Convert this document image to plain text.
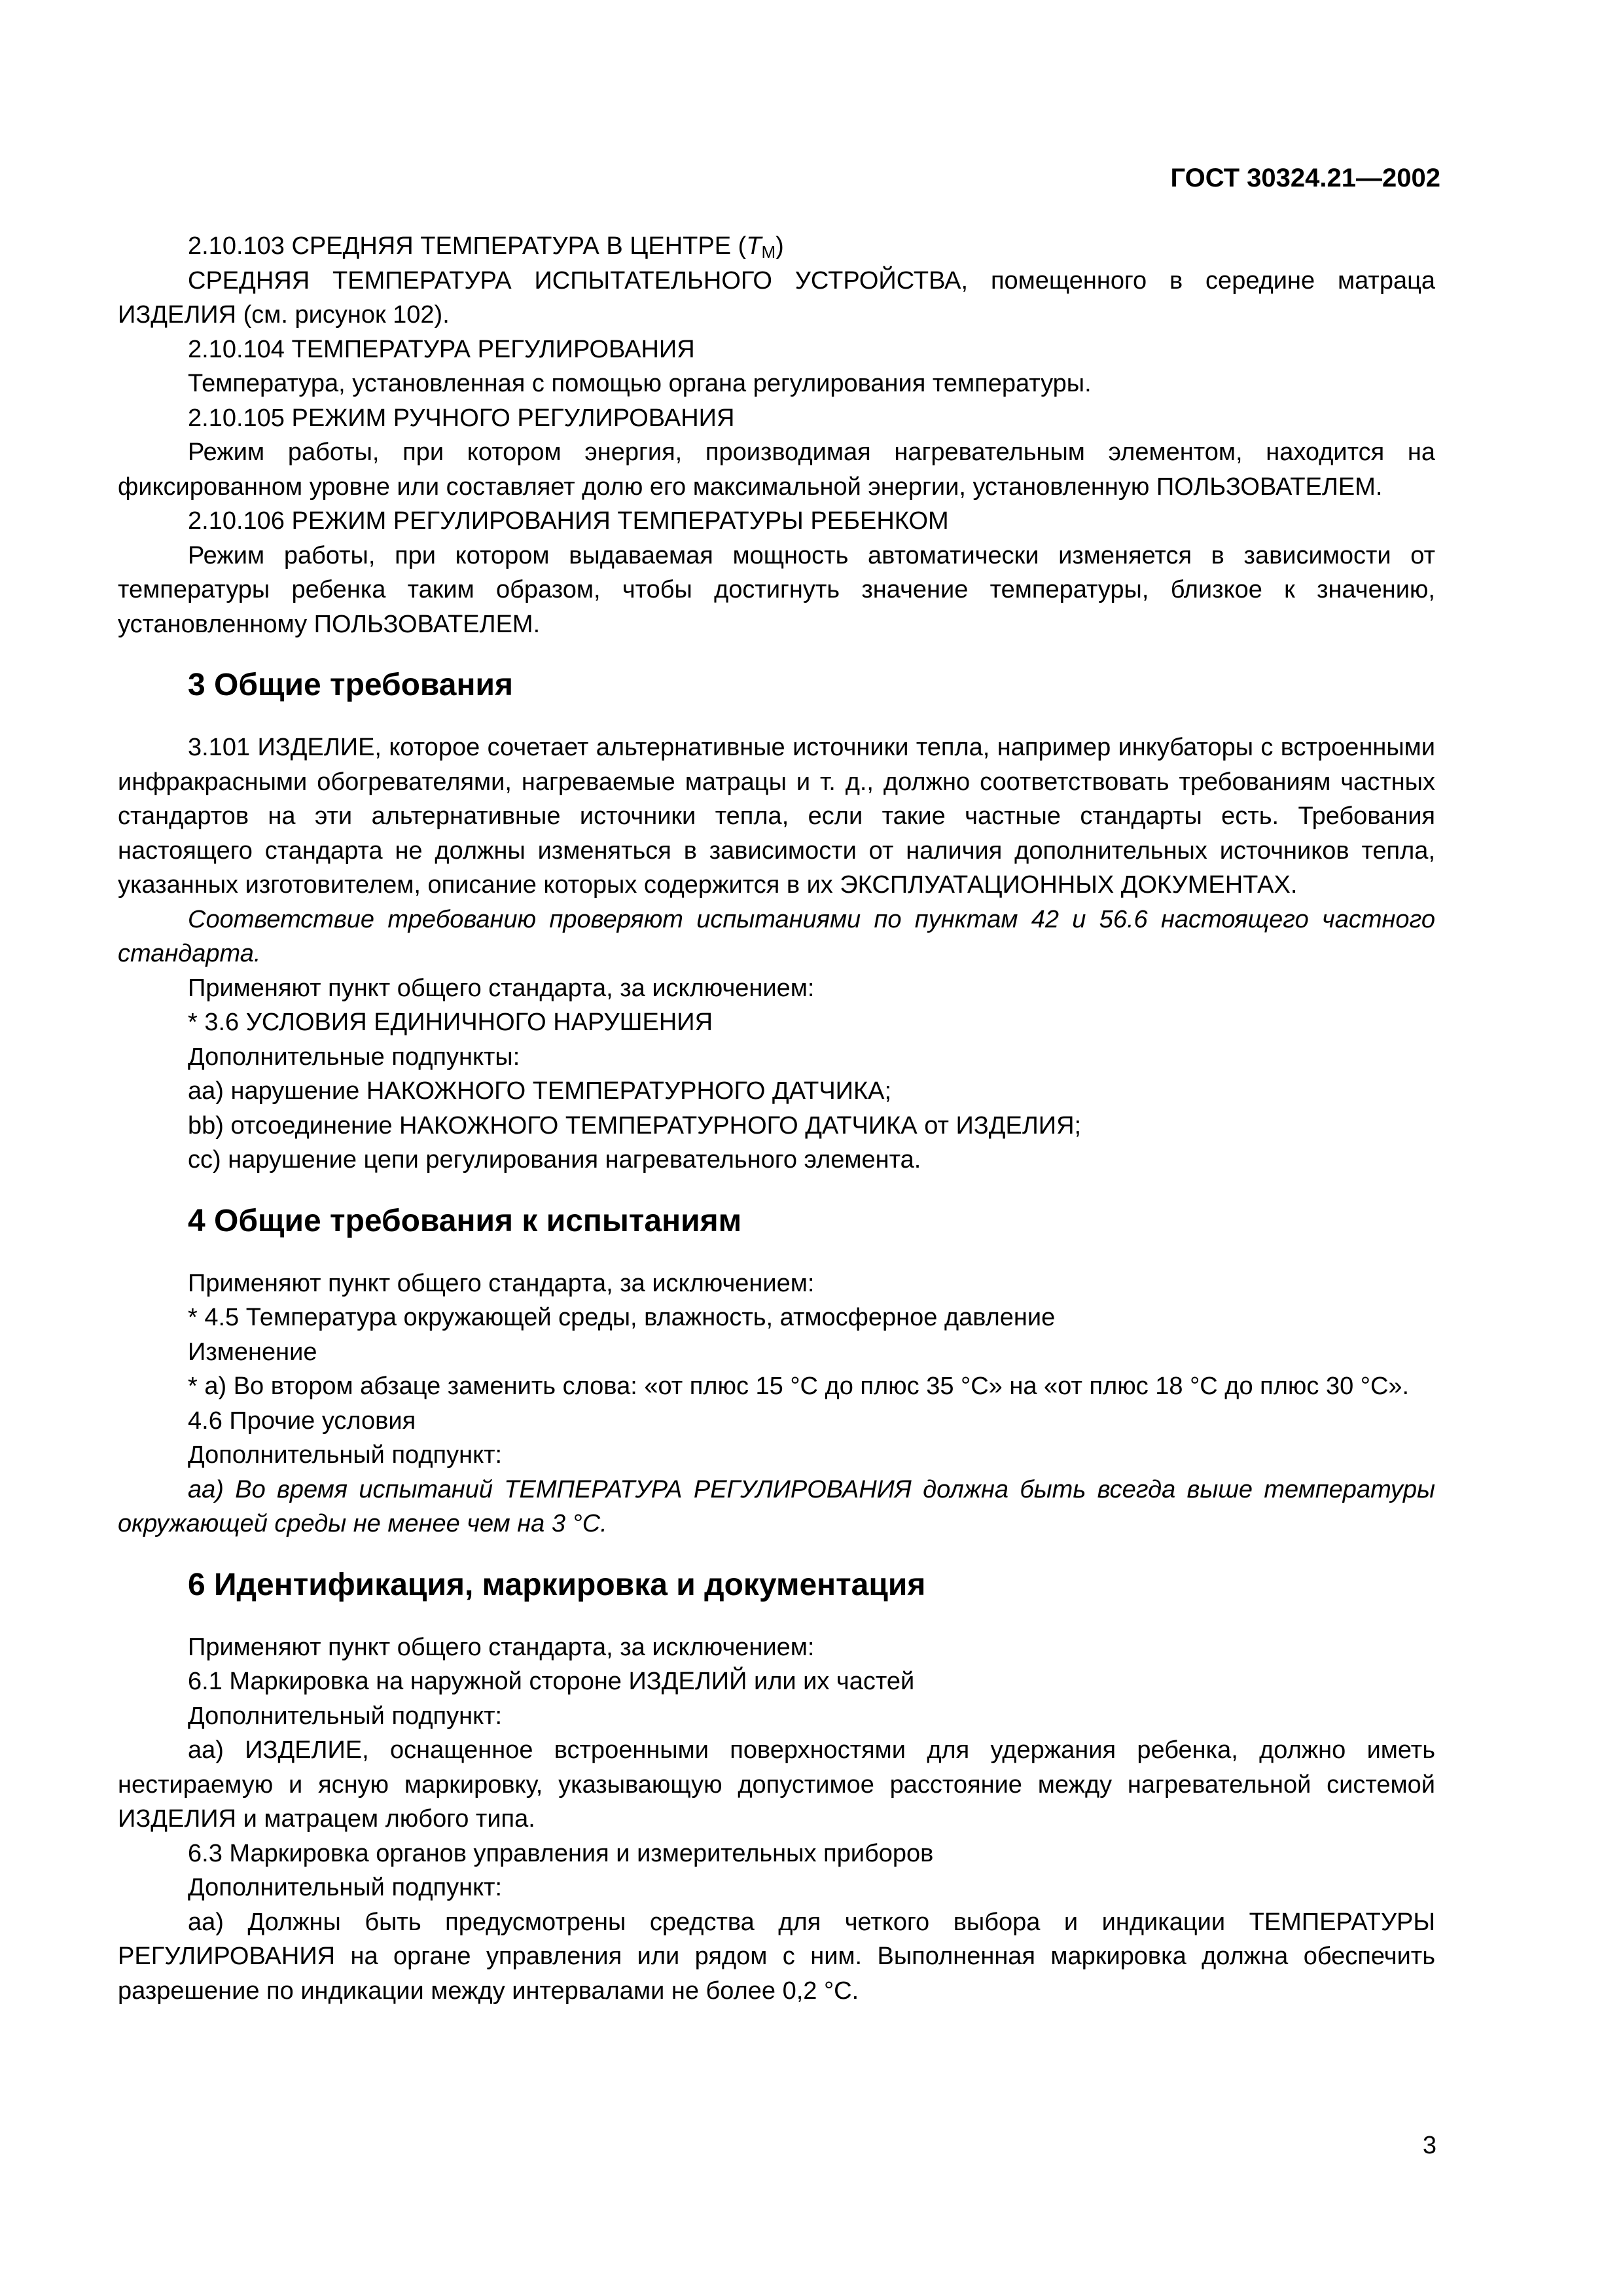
ГОСТ 30324.21—2002

2.10.103 СРЕДНЯЯ ТЕМПЕРАТУРА В ЦЕНТРЕ $(T_M)$

СРЕДНЯЯ ТЕМПЕРАТУРА ИСПЫТАТЕЛЬНОГО УСТРОЙСТВА, помещенного в середине матраца ИЗДЕЛИЯ (см. рисунок 102).

2.10.104 ТЕМПЕРАТУРА РЕГУЛИРОВАНИЯ

Температура, установленная с помощью органа регулирования температуры.

2.10.105 РЕЖИМ РУЧНОГО РЕГУЛИРОВАНИЯ

Режим работы, при котором энергия, производимая нагревательным элементом, находится на фиксированном уровне или составляет долю его максимальной энергии, установленную ПОЛЬЗОВАТЕЛЕМ.

2.10.106 РЕЖИМ РЕГУЛИРОВАНИЯ ТЕМПЕРАТУРЫ РЕБЕНКОМ

Режим работы, при котором выдаваемая мощность автоматически изменяется в зависимости от температуры ребенка таким образом, чтобы достигнуть значение температуры, близкое к значению, установленному ПОЛЬЗОВАТЕЛЕМ.

3 Общие требования

3.101 ИЗДЕЛИЕ, которое сочетает альтернативные источники тепла, например инкубаторы с встроенными инфракрасными обогревателями, нагреваемые матрацы и т. д., должно соответствовать требованиям частных стандартов на эти альтернативные источники тепла, если такие частные стандарты есть. Требования настоящего стандарта не должны изменяться в зависимости от наличия дополнительных источников тепла, указанных изготовителем, описание которых содержится в их ЭКСПЛУАТАЦИОННЫХ ДОКУМЕНТАХ.

Соответствие требованию проверяют испытаниями по пунктам 42 и 56.6 настоящего частного стандарта.

Применяют пункт общего стандарта, за исключением:

* 3.6 УСЛОВИЯ ЕДИНИЧНОГО НАРУШЕНИЯ

Дополнительные подпункты:

аа) нарушение НАКОЖНОГО ТЕМПЕРАТУРНОГО ДАТЧИКА;

bb) отсоединение НАКОЖНОГО ТЕМПЕРАТУРНОГО ДАТЧИКА от ИЗДЕЛИЯ;

сс) нарушение цепи регулирования нагревательного элемента.

4 Общие требования к испытаниям

Применяют пункт общего стандарта, за исключением:

* 4.5 Температура окружающей среды, влажность, атмосферное давление

Изменение

* а) Во втором абзаце заменить слова: «от плюс 15 °С до плюс 35 °С» на «от плюс 18 °С до плюс 30 °С».

4.6 Прочие условия

Дополнительный подпункт:

аа) Во время испытаний ТЕМПЕРАТУРА РЕГУЛИРОВАНИЯ должна быть всегда выше температуры окружающей среды не менее чем на 3 °С.

6 Идентификация, маркировка и документация

Применяют пункт общего стандарта, за исключением:

6.1 Маркировка на наружной стороне ИЗДЕЛИЙ или их частей

Дополнительный подпункт:

аа) ИЗДЕЛИЕ, оснащенное встроенными поверхностями для удержания ребенка, должно иметь нестираемую и ясную маркировку, указывающую допустимое расстояние между нагревательной системой ИЗДЕЛИЯ и матрацем любого типа.

6.3 Маркировка органов управления и измерительных приборов

Дополнительный подпункт:

аа) Должны быть предусмотрены средства для четкого выбора и индикации ТЕМПЕРАТУРЫ РЕГУЛИРОВАНИЯ на органе управления или рядом с ним. Выполненная маркировка должна обеспечить разрешение по индикации между интервалами не более 0,2 °С.

3
